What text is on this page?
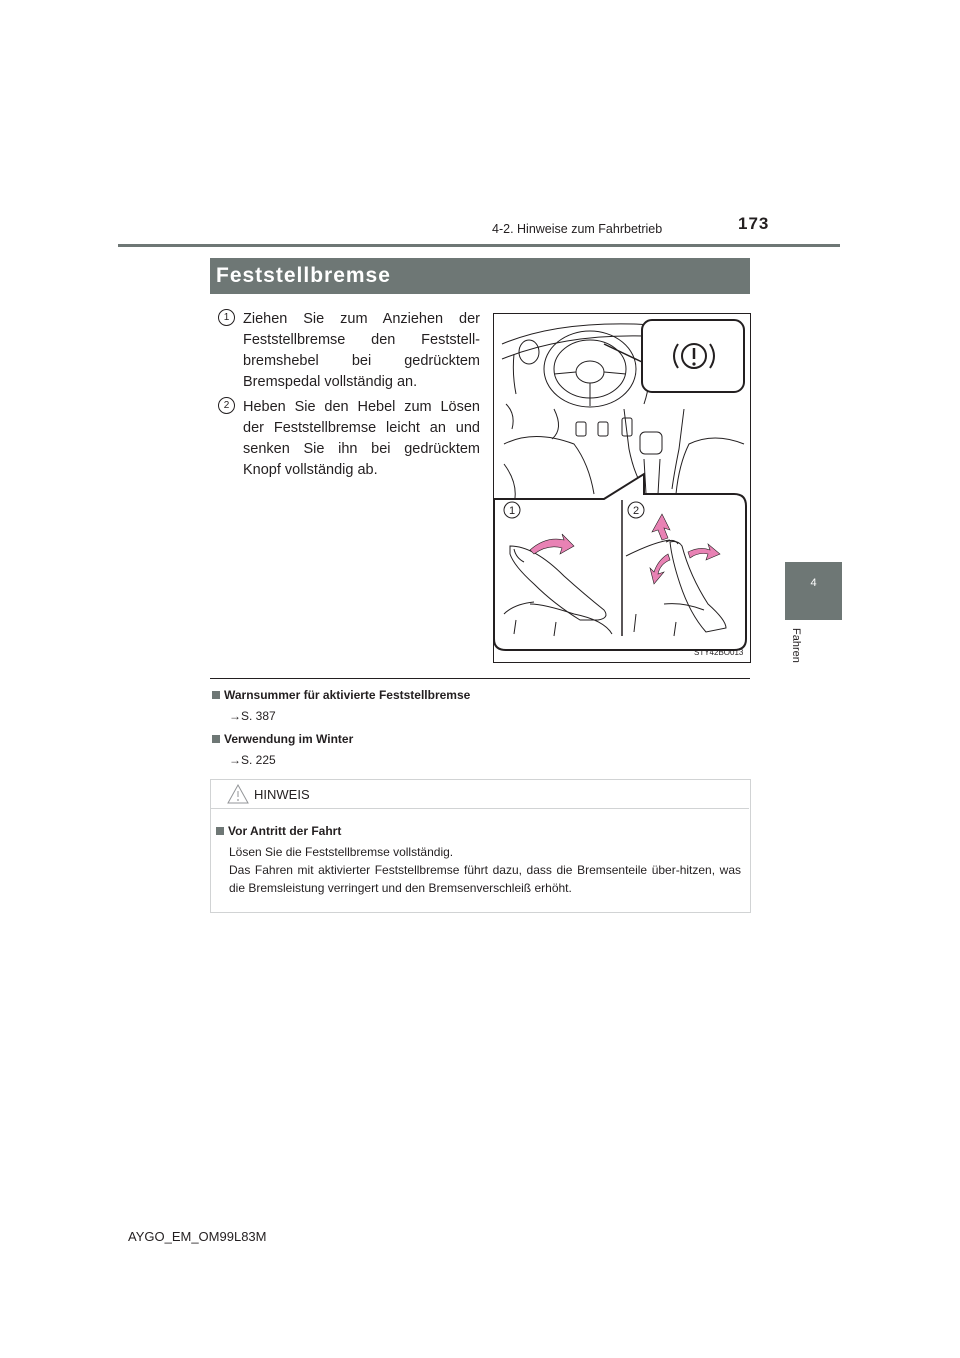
4-2. Hinweise zum Fahrbetrieb	173
4
Fahren
Feststellbremse
1 Ziehen Sie zum Anziehen der Feststellbremse den Feststell-bremshebel bei gedrücktem Bremspedal vollständig an.
2 Heben Sie den Hebel zum Lösen der Feststellbremse leicht an und senken Sie ihn bei gedrücktem Knopf vollständig ab.
1	2
STY42BO013
Warnsummer für aktivierte Feststellbremse
→S. 387
Verwendung im Winter
→S. 225
HINWEIS
Vor Antritt der Fahrt
Lösen Sie die Feststellbremse vollständig.
Das Fahren mit aktivierter Feststellbremse führt dazu, dass die Bremsenteile über-hitzen, was die Bremsleistung verringert und den Bremsenverschleiß erhöht.
AYGO_EM_OM99L83M
